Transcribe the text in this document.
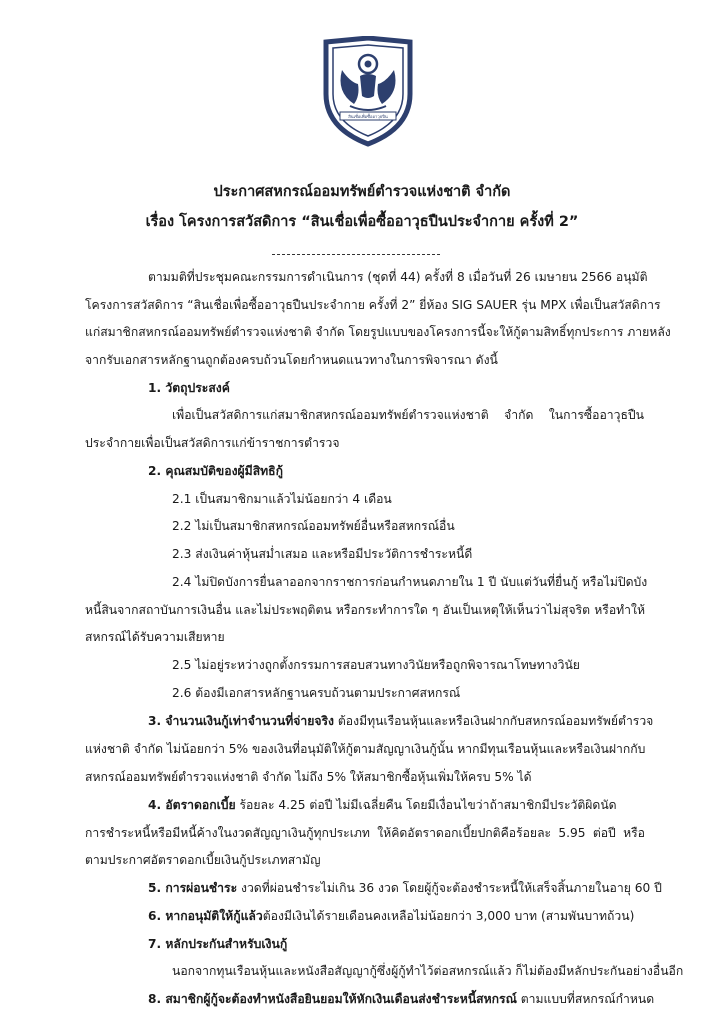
สินเชื่อเพื่อซื้ออาวุธปืน
ประกาศสหกรณ์ออมทรัพย์ตำรวจแห่งชาติ จำกัด
เรื่อง โครงการสวัสดิการ “สินเชื่อเพื่อซื้ออาวุธปืนประจำกาย ครั้งที่ 2”
ตามมติที่ประชุมคณะกรรมการดำเนินการ (ชุดที่ 44) ครั้งที่ 8 เมื่อวันที่ 26 เมษายน 2566 อนุมัติ
โครงการสวัสดิการ “สินเชื่อเพื่อซื้ออาวุธปืนประจำกาย ครั้งที่ 2” ยี่ห้อง SIG SAUER รุ่น MPX เพื่อเป็นสวัสดิการ
แก่สมาชิกสหกรณ์ออมทรัพย์ตำรวจแห่งชาติ จำกัด โดยรูปแบบของโครงการนี้จะให้กู้ตามสิทธิ์ทุกประการ ภายหลัง
จากรับเอกสารหลักฐานถูกต้องครบถ้วนโดยกำหนดแนวทางในการพิจารณา ดังนี้
1. วัตถุประสงค์
เพื่อเป็นสวัสดิการแก่สมาชิกสหกรณ์ออมทรัพย์ตำรวจแห่งชาติ จำกัด ในการซื้ออาวุธปืน
ประจำกายเพื่อเป็นสวัสดิการแก่ข้าราชการตำรวจ
2. คุณสมบัติของผู้มีสิทธิกู้
2.1 เป็นสมาชิกมาแล้วไม่น้อยกว่า 4 เดือน
2.2 ไม่เป็นสมาชิกสหกรณ์ออมทรัพย์อื่นหรือสหกรณ์อื่น
2.3 ส่งเงินค่าหุ้นสม่ำเสมอ และหรือมีประวัติการชำระหนี้ดี
2.4 ไม่ปิดบังการยื่นลาออกจากราชการก่อนกำหนดภายใน 1 ปี นับแต่วันที่ยื่นกู้ หรือไม่ปิดบัง
หนี้สินจากสถาบันการเงินอื่น และไม่ประพฤติตน หรือกระทำการใด ๆ อันเป็นเหตุให้เห็นว่าไม่สุจริต หรือทำให้
สหกรณ์ได้รับความเสียหาย
2.5 ไม่อยู่ระหว่างถูกตั้งกรรมการสอบสวนทางวินัยหรือถูกพิจารณาโทษทางวินัย
2.6 ต้องมีเอกสารหลักฐานครบถ้วนตามประกาศสหกรณ์
3. จำนวนเงินกู้เท่าจำนวนที่จ่ายจริง ต้องมีทุนเรือนหุ้นและหรือเงินฝากกับสหกรณ์ออมทรัพย์ตำรวจ
แห่งชาติ จำกัด ไม่น้อยกว่า 5% ของเงินที่อนุมัติให้กู้ตามสัญญาเงินกู้นั้น หากมีทุนเรือนหุ้นและหรือเงินฝากกับ
สหกรณ์ออมทรัพย์ตำรวจแห่งชาติ จำกัด ไม่ถึง 5% ให้สมาชิกซื้อหุ้นเพิ่มให้ครบ 5% ได้
4. อัตราดอกเบี้ย ร้อยละ 4.25 ต่อปี ไม่มีเฉลี่ยคืน โดยมีเงื่อนไขว่าถ้าสมาชิกมีประวัติผิดนัด
การชำระหนี้หรือมีหนี้ค้างในงวดสัญญาเงินกู้ทุกประเภท ให้คิดอัตราดอกเบี้ยปกติคือร้อยละ 5.95 ต่อปี หรือ
ตามประกาศอัตราดอกเบี้ยเงินกู้ประเภทสามัญ
5. การผ่อนชำระ งวดที่ผ่อนชำระไม่เกิน 36 งวด โดยผู้กู้จะต้องชำระหนี้ให้เสร็จสิ้นภายในอายุ 60 ปี
6. หากอนุมัติให้กู้แล้วต้องมีเงินได้รายเดือนคงเหลือไม่น้อยกว่า 3,000 บาท (สามพันบาทถ้วน)
7. หลักประกันสำหรับเงินกู้
นอกจากทุนเรือนหุ้นและหนังสือสัญญากู้ซึ่งผู้กู้ทำไว้ต่อสหกรณ์แล้ว ก็ไม่ต้องมีหลักประกันอย่างอื่นอีก
8. สมาชิกผู้กู้จะต้องทำหนังสือยินยอมให้หักเงินเดือนส่งชำระหนี้สหกรณ์ ตามแบบที่สหกรณ์กำหนด
